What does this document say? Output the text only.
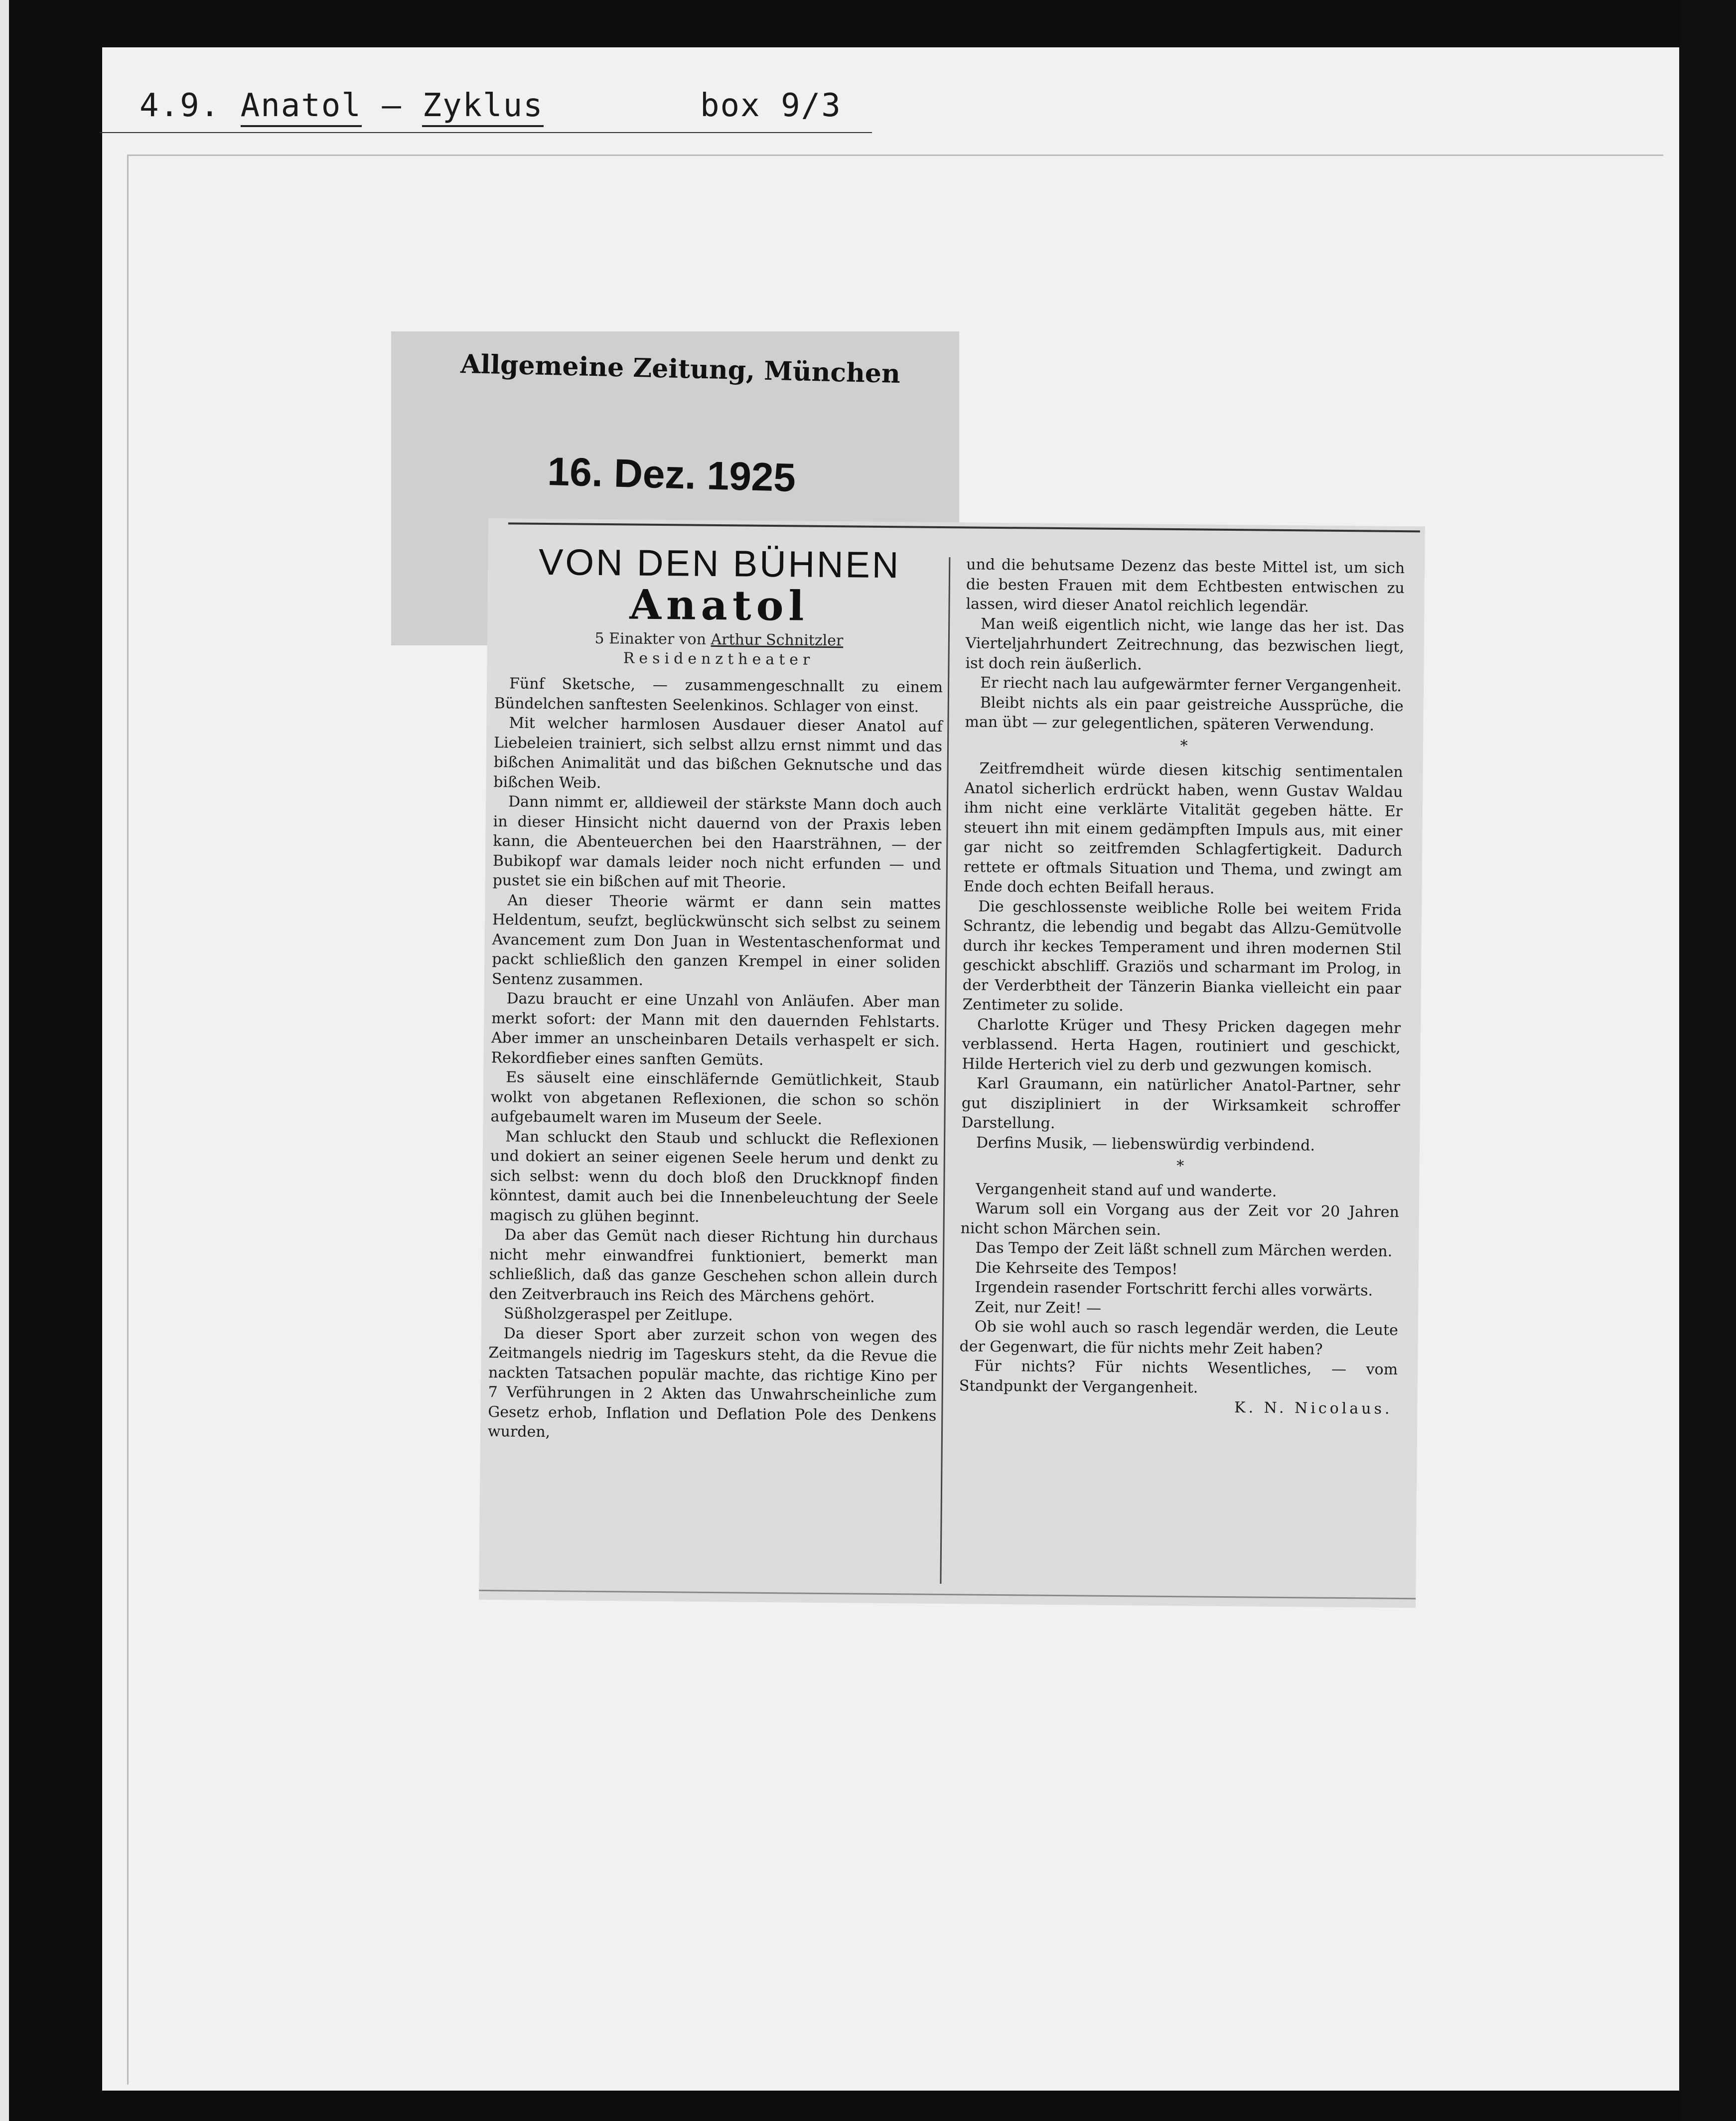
4.9. Anatol – Zyklus	box 9/3
Allgemeine Zeitung, München
16. Dez. 1925
VON DEN BÜHNEN
Anatol
5 Einakter von Arthur Schnitzler
Residenztheater

Fünf Sketsche, — zusammengeschnallt zu einem Bündelchen sanftesten Seelenkinos. Schlager von einst.

Mit welcher harmlosen Ausdauer dieser Anatol auf Liebeleien trainiert, sich selbst allzu ernst nimmt und das bißchen Animalität und das bißchen Geknutsche und das bißchen Weib.

Dann nimmt er, alldieweil der stärkste Mann doch auch in dieser Hinsicht nicht dauernd von der Praxis leben kann, die Abenteuerchen bei den Haarsträhnen, — der Bubikopf war damals leider noch nicht erfunden — und pustet sie ein bißchen auf mit Theorie.

An dieser Theorie wärmt er dann sein mattes Heldentum, seufzt, beglückwünscht sich selbst zu seinem Avancement zum Don Juan in Westentaschenformat und packt schließlich den ganzen Krempel in einer soliden Sentenz zusammen.

Dazu braucht er eine Unzahl von Anläufen. Aber man merkt sofort: der Mann mit den dauernden Fehlstarts. Aber immer an unscheinbaren Details verhaspelt er sich. Rekordfieber eines sanften Gemüts.

Es säuselt eine einschläfernde Gemütlichkeit, Staub wolkt von abgetanen Reflexionen, die schon so schön aufgebaumelt waren im Museum der Seele.

Man schluckt den Staub und schluckt die Reflexionen und dokiert an seiner eigenen Seele herum und denkt zu sich selbst: wenn du doch bloß den Druckknopf finden könntest, damit auch bei die Innenbeleuchtung der Seele magisch zu glühen beginnt.

Da aber das Gemüt nach dieser Richtung hin durchaus nicht mehr einwandfrei funktioniert, bemerkt man schließlich, daß das ganze Geschehen schon allein durch den Zeitverbrauch ins Reich des Märchens gehört.

Süßholzgeraspel per Zeitlupe.

Da dieser Sport aber zurzeit schon von wegen des Zeitmangels niedrig im Tageskurs steht, da die Revue die nackten Tatsachen populär machte, das richtige Kino per 7 Verführungen in 2 Akten das Unwahrscheinliche zum Gesetz erhob, Inflation und Deflation Pole des Denkens wurden,

und die behutsame Dezenz das beste Mittel ist, um sich die besten Frauen mit dem Echtbesten entwischen zu lassen, wird dieser Anatol reichlich legendär.

Man weiß eigentlich nicht, wie lange das her ist. Das Vierteljahrhundert Zeitrechnung, das bezwischen liegt, ist doch rein äußerlich.

Er riecht nach lau aufgewärmter ferner Vergangenheit.

Bleibt nichts als ein paar geistreiche Aussprüche, die man übt — zur gelegentlichen, späteren Verwendung.

*

Zeitfremdheit würde diesen kitschig sentimentalen Anatol sicherlich erdrückt haben, wenn Gustav Waldau ihm nicht eine verklärte Vitalität gegeben hätte. Er steuert ihn mit einem gedämpften Impuls aus, mit einer gar nicht so zeitfremden Schlagfertigkeit. Dadurch rettete er oftmals Situation und Thema, und zwingt am Ende doch echten Beifall heraus.

Die geschlossenste weibliche Rolle bei weitem Frida Schrantz, die lebendig und begabt das Allzu-Gemütvolle durch ihr keckes Temperament und ihren modernen Stil geschickt abschliff. Graziös und scharmant im Prolog, in der Verderbtheit der Tänzerin Bianka vielleicht ein paar Zentimeter zu solide.

Charlotte Krüger und Thesy Pricken dagegen mehr verblassend. Herta Hagen, routiniert und geschickt, Hilde Herterich viel zu derb und gezwungen komisch.

Karl Graumann, ein natürlicher Anatol-Partner, sehr gut diszipliniert in der Wirksamkeit schroffer Darstellung.

Derfins Musik, — liebenswürdig verbindend.

*

Vergangenheit stand auf und wanderte.

Warum soll ein Vorgang aus der Zeit vor 20 Jahren nicht schon Märchen sein.

Das Tempo der Zeit läßt schnell zum Märchen werden.

Die Kehrseite des Tempos!

Irgendein rasender Fortschritt ferchi alles vorwärts.

Zeit, nur Zeit! —

Ob sie wohl auch so rasch legendär werden, die Leute der Gegenwart, die für nichts mehr Zeit haben?

Für nichts? Für nichts Wesentliches, — vom Standpunkt der Vergangenheit.

K. N. Nicolaus.
